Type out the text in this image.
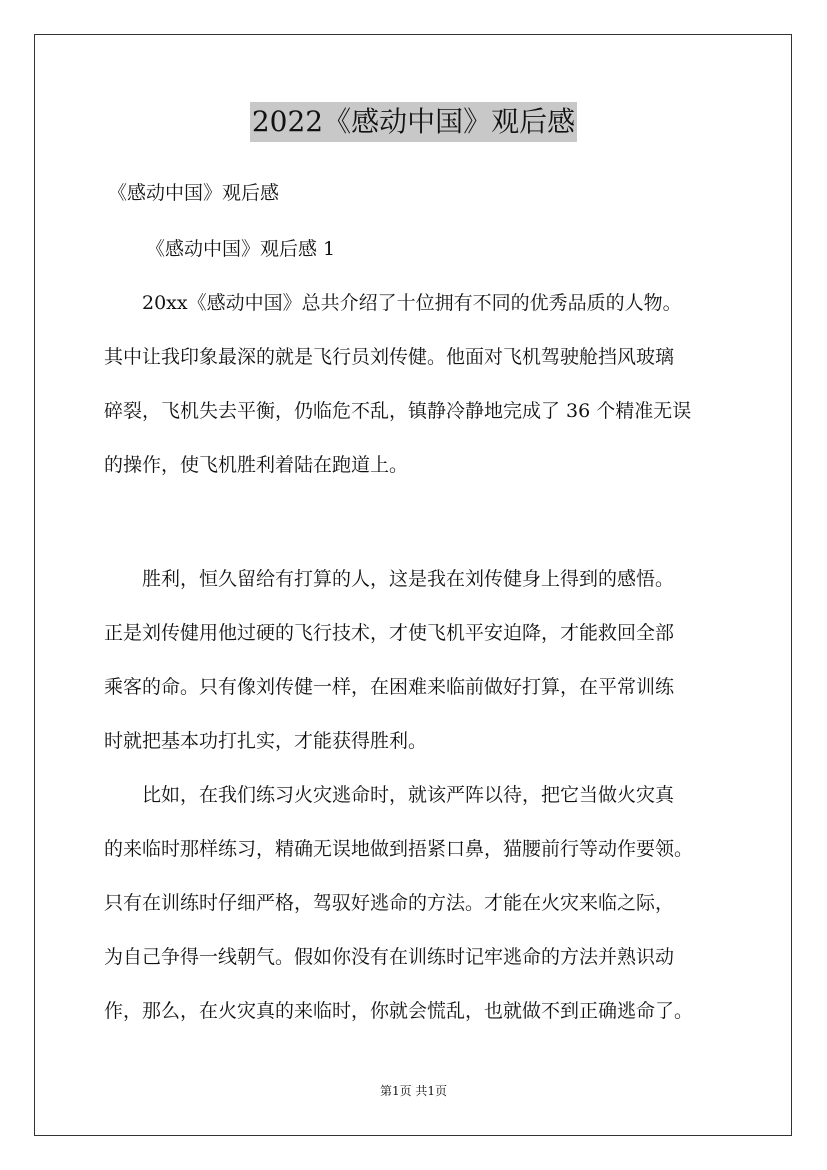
2022《感动中国》观后感

《感动中国》观后感

《感动中国》观后感 1

20xx《感动中国》总共介绍了十位拥有不同的优秀品质的人物。

其中让我印象最深的就是飞行员刘传健。他面对飞机驾驶舱挡风玻璃

碎裂，飞机失去平衡，仍临危不乱，镇静冷静地完成了 36 个精准无误

的操作，使飞机胜利着陆在跑道上。

胜利，恒久留给有打算的人，这是我在刘传健身上得到的感悟。

正是刘传健用他过硬的飞行技术，才使飞机平安迫降，才能救回全部

乘客的命。只有像刘传健一样，在困难来临前做好打算，在平常训练

时就把基本功打扎实，才能获得胜利。

比如，在我们练习火灾逃命时，就该严阵以待，把它当做火灾真

的来临时那样练习，精确无误地做到捂紧口鼻，猫腰前行等动作要领。

只有在训练时仔细严格，驾驭好逃命的方法。才能在火灾来临之际，

为自己争得一线朝气。假如你没有在训练时记牢逃命的方法并熟识动

作，那么，在火灾真的来临时，你就会慌乱，也就做不到正确逃命了。

第1页 共1页
